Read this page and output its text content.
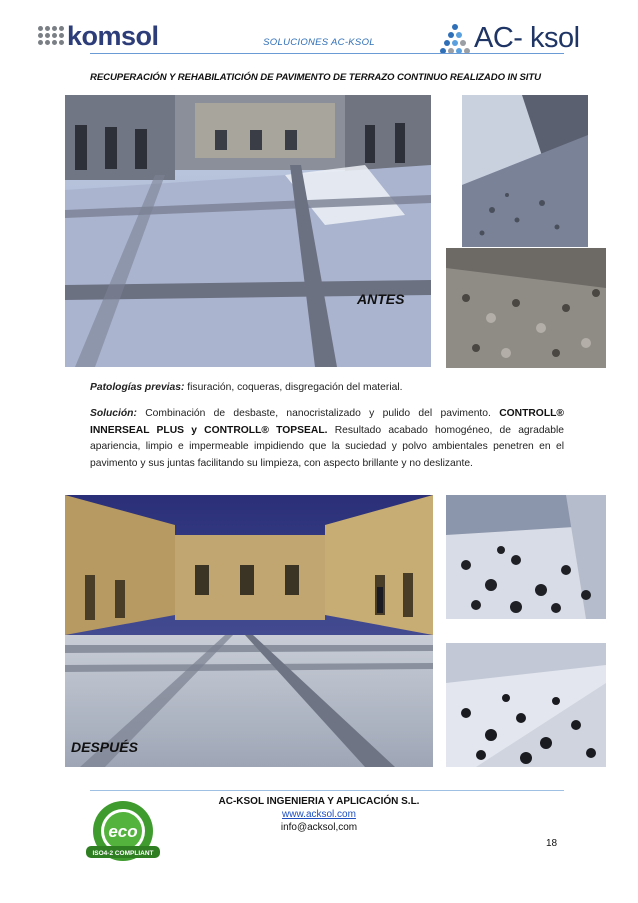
komsol	SOLUCIONES AC-KSOL	AC- ksol
RECUPERACIÓN Y REHABILATICIÓN DE PAVIMENTO DE TERRAZO CONTINUO REALIZADO IN SITU
ANTES
Patologías previas: fisuración, coqueras, disgregación del material.
Solución: Combinación de desbaste, nanocristalizado y pulido del pavimento. CONTROLL® INNERSEAL PLUS y CONTROLL® TOPSEAL. Resultado acabado homogéneo, de agradable apariencia, limpio e impermeable impidiendo que la suciedad y polvo ambientales penetren en el pavimento y sus juntas facilitando su limpieza, con aspecto brillante y no deslizante.
DESPUÉS
eco
ISO4-2 COMPLIANT
AC-KSOL INGENIERIA Y APLICACIÓN S.L.
www.acksol.com
info@acksol,com
18
